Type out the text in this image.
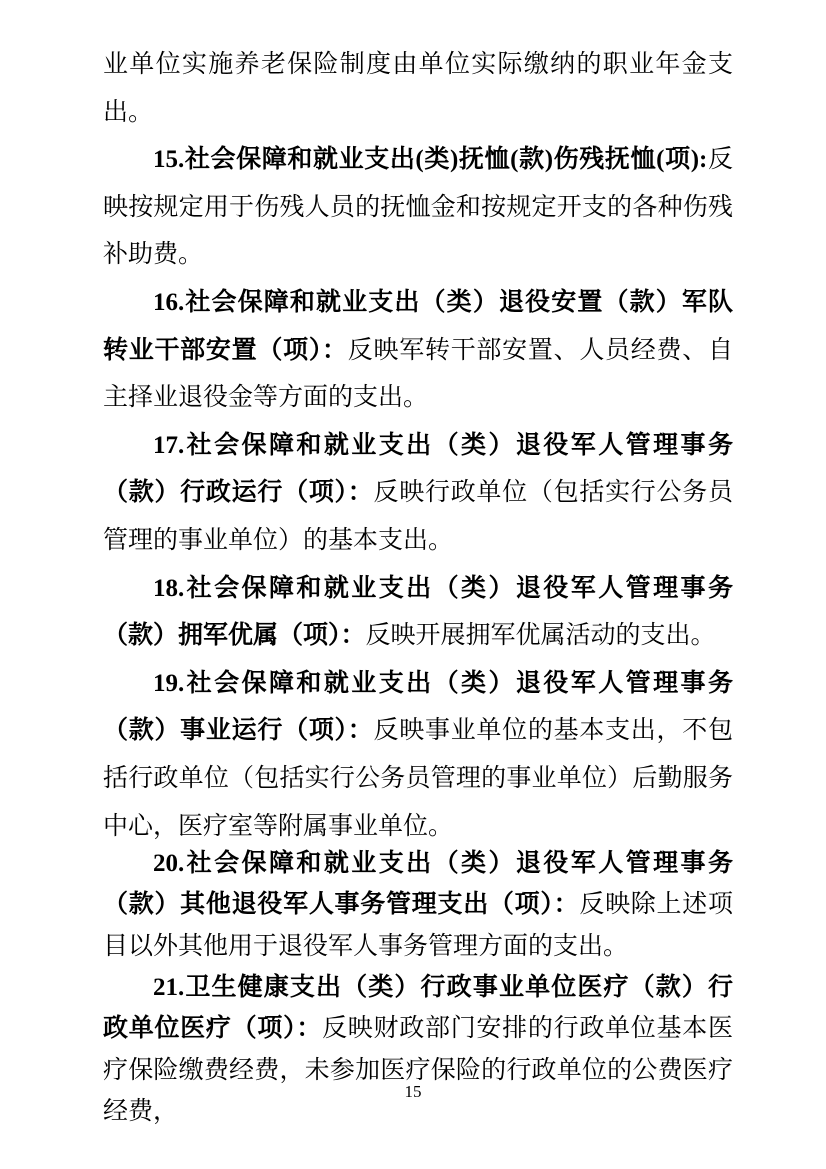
业单位实施养老保险制度由单位实际缴纳的职业年金支出。

15.社会保障和就业支出(类)抚恤(款)伤残抚恤(项):反映按规定用于伤残人员的抚恤金和按规定开支的各种伤残补助费。

16.社会保障和就业支出（类）退役安置（款）军队转业干部安置（项）：反映军转干部安置、人员经费、自主择业退役金等方面的支出。

17.社会保障和就业支出（类）退役军人管理事务（款）行政运行（项）：反映行政单位（包括实行公务员管理的事业单位）的基本支出。

18.社会保障和就业支出（类）退役军人管理事务（款）拥军优属（项）：反映开展拥军优属活动的支出。

19.社会保障和就业支出（类）退役军人管理事务（款）事业运行（项）：反映事业单位的基本支出，不包括行政单位（包括实行公务员管理的事业单位）后勤服务中心，医疗室等附属事业单位。

20.社会保障和就业支出（类）退役军人管理事务（款）其他退役军人事务管理支出（项）：反映除上述项目以外其他用于退役军人事务管理方面的支出。

21.卫生健康支出（类）行政事业单位医疗（款）行政单位医疗（项）：反映财政部门安排的行政单位基本医疗保险缴费经费，未参加医疗保险的行政单位的公费医疗经费，

15
